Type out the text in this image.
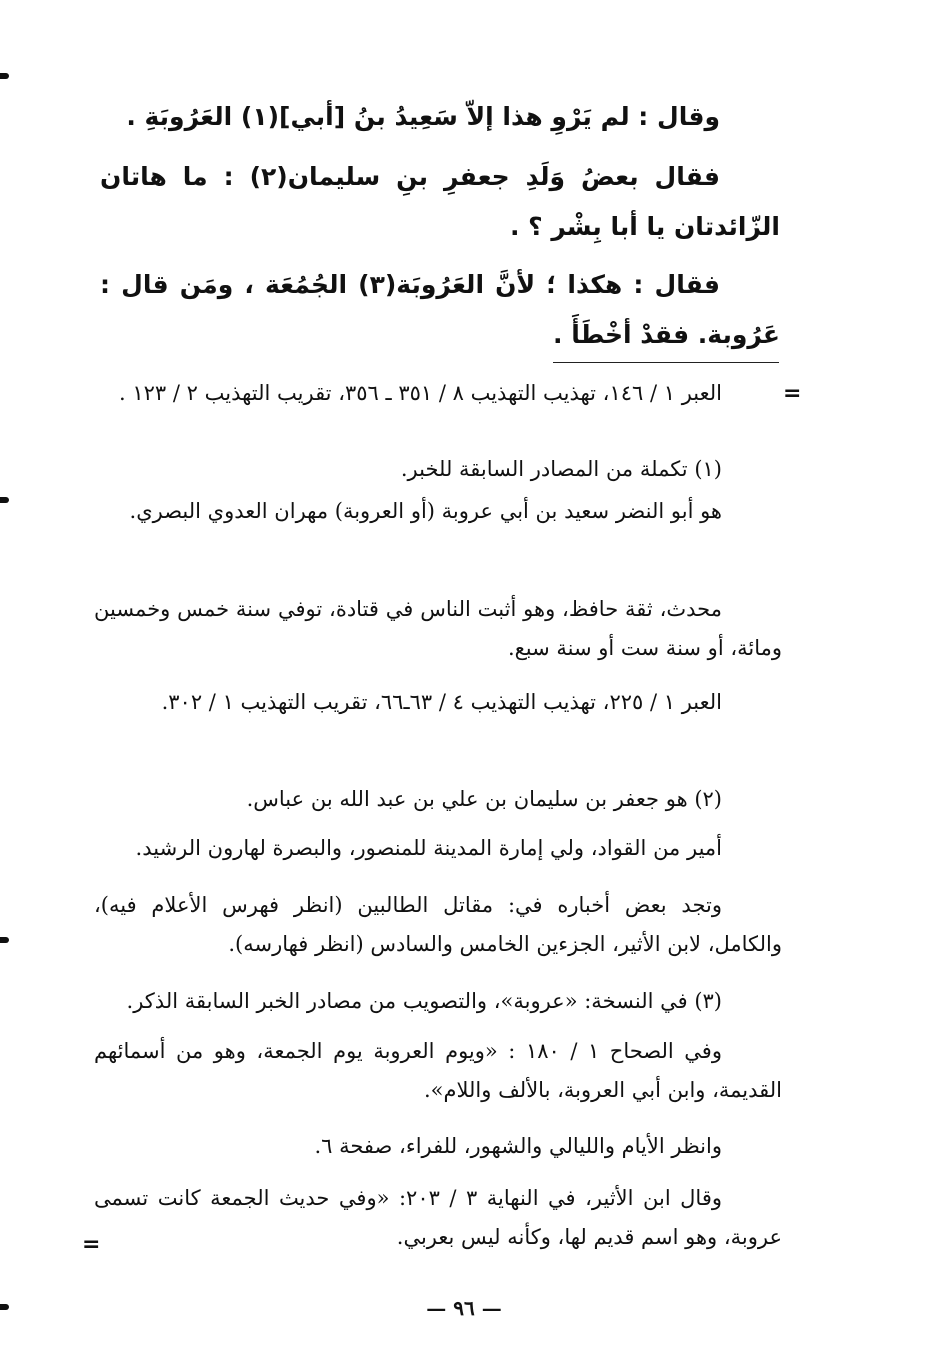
وقال : لم يَرْوِ هذا إلاّ سَعِيدُ بنُ [أبي](١) العَرُوبَةِ .
فقال بعضُ وَلَدِ جعفرِ بنِ سليمان(٢) : ما هاتان الزّائدتان يا أبا بِشْر ؟ .
فقال : هكذا ؛ لأنَّ العَرُوبَة(٣) الجُمُعَة ، ومَن قال : عَرُوبة. فقدْ أخْطَأَ .
=
العبر ١ / ١٤٦، تهذيب التهذيب ٨ / ٣٥١ ـ ٣٥٦، تقريب التهذيب ٢ / ١٢٣ .
(١) تكملة من المصادر السابقة للخبر.
هو أبو النضر سعيد بن أبي عروبة (أو العروبة) مهران العدوي البصري.
محدث، ثقة حافظ، وهو أثبت الناس في قتادة، توفي سنة خمس وخمسين ومائة، أو سنة ست أو سنة سبع.
العبر ١ / ٢٢٥، تهذيب التهذيب ٤ / ٦٣ـ٦٦، تقريب التهذيب ١ / ٣٠٢.
(٢) هو جعفر بن سليمان بن علي بن عبد الله بن عباس.
أمير من القواد، ولي إمارة المدينة للمنصور، والبصرة لهارون الرشيد.
وتجد بعض أخباره في: مقاتل الطالبين (انظر فهرس الأعلام فيه)، والكامل، لابن الأثير، الجزءين الخامس والسادس (انظر فهارسه).
(٣) في النسخة: «عروبة»، والتصويب من مصادر الخبر السابقة الذكر.
وفي الصحاح ١ / ١٨٠ : «ويوم العروبة يوم الجمعة، وهو من أسمائهم القديمة، وابن أبي العروبة، بالألف واللام».
وانظر الأيام والليالي والشهور، للفراء، صفحة ٦.
وقال ابن الأثير، في النهاية ٣ / ٢٠٣: «وفي حديث الجمعة كانت تسمى عروبة، وهو اسم قديم لها، وكأنه ليس بعربي.
=
— ٩٦ —
